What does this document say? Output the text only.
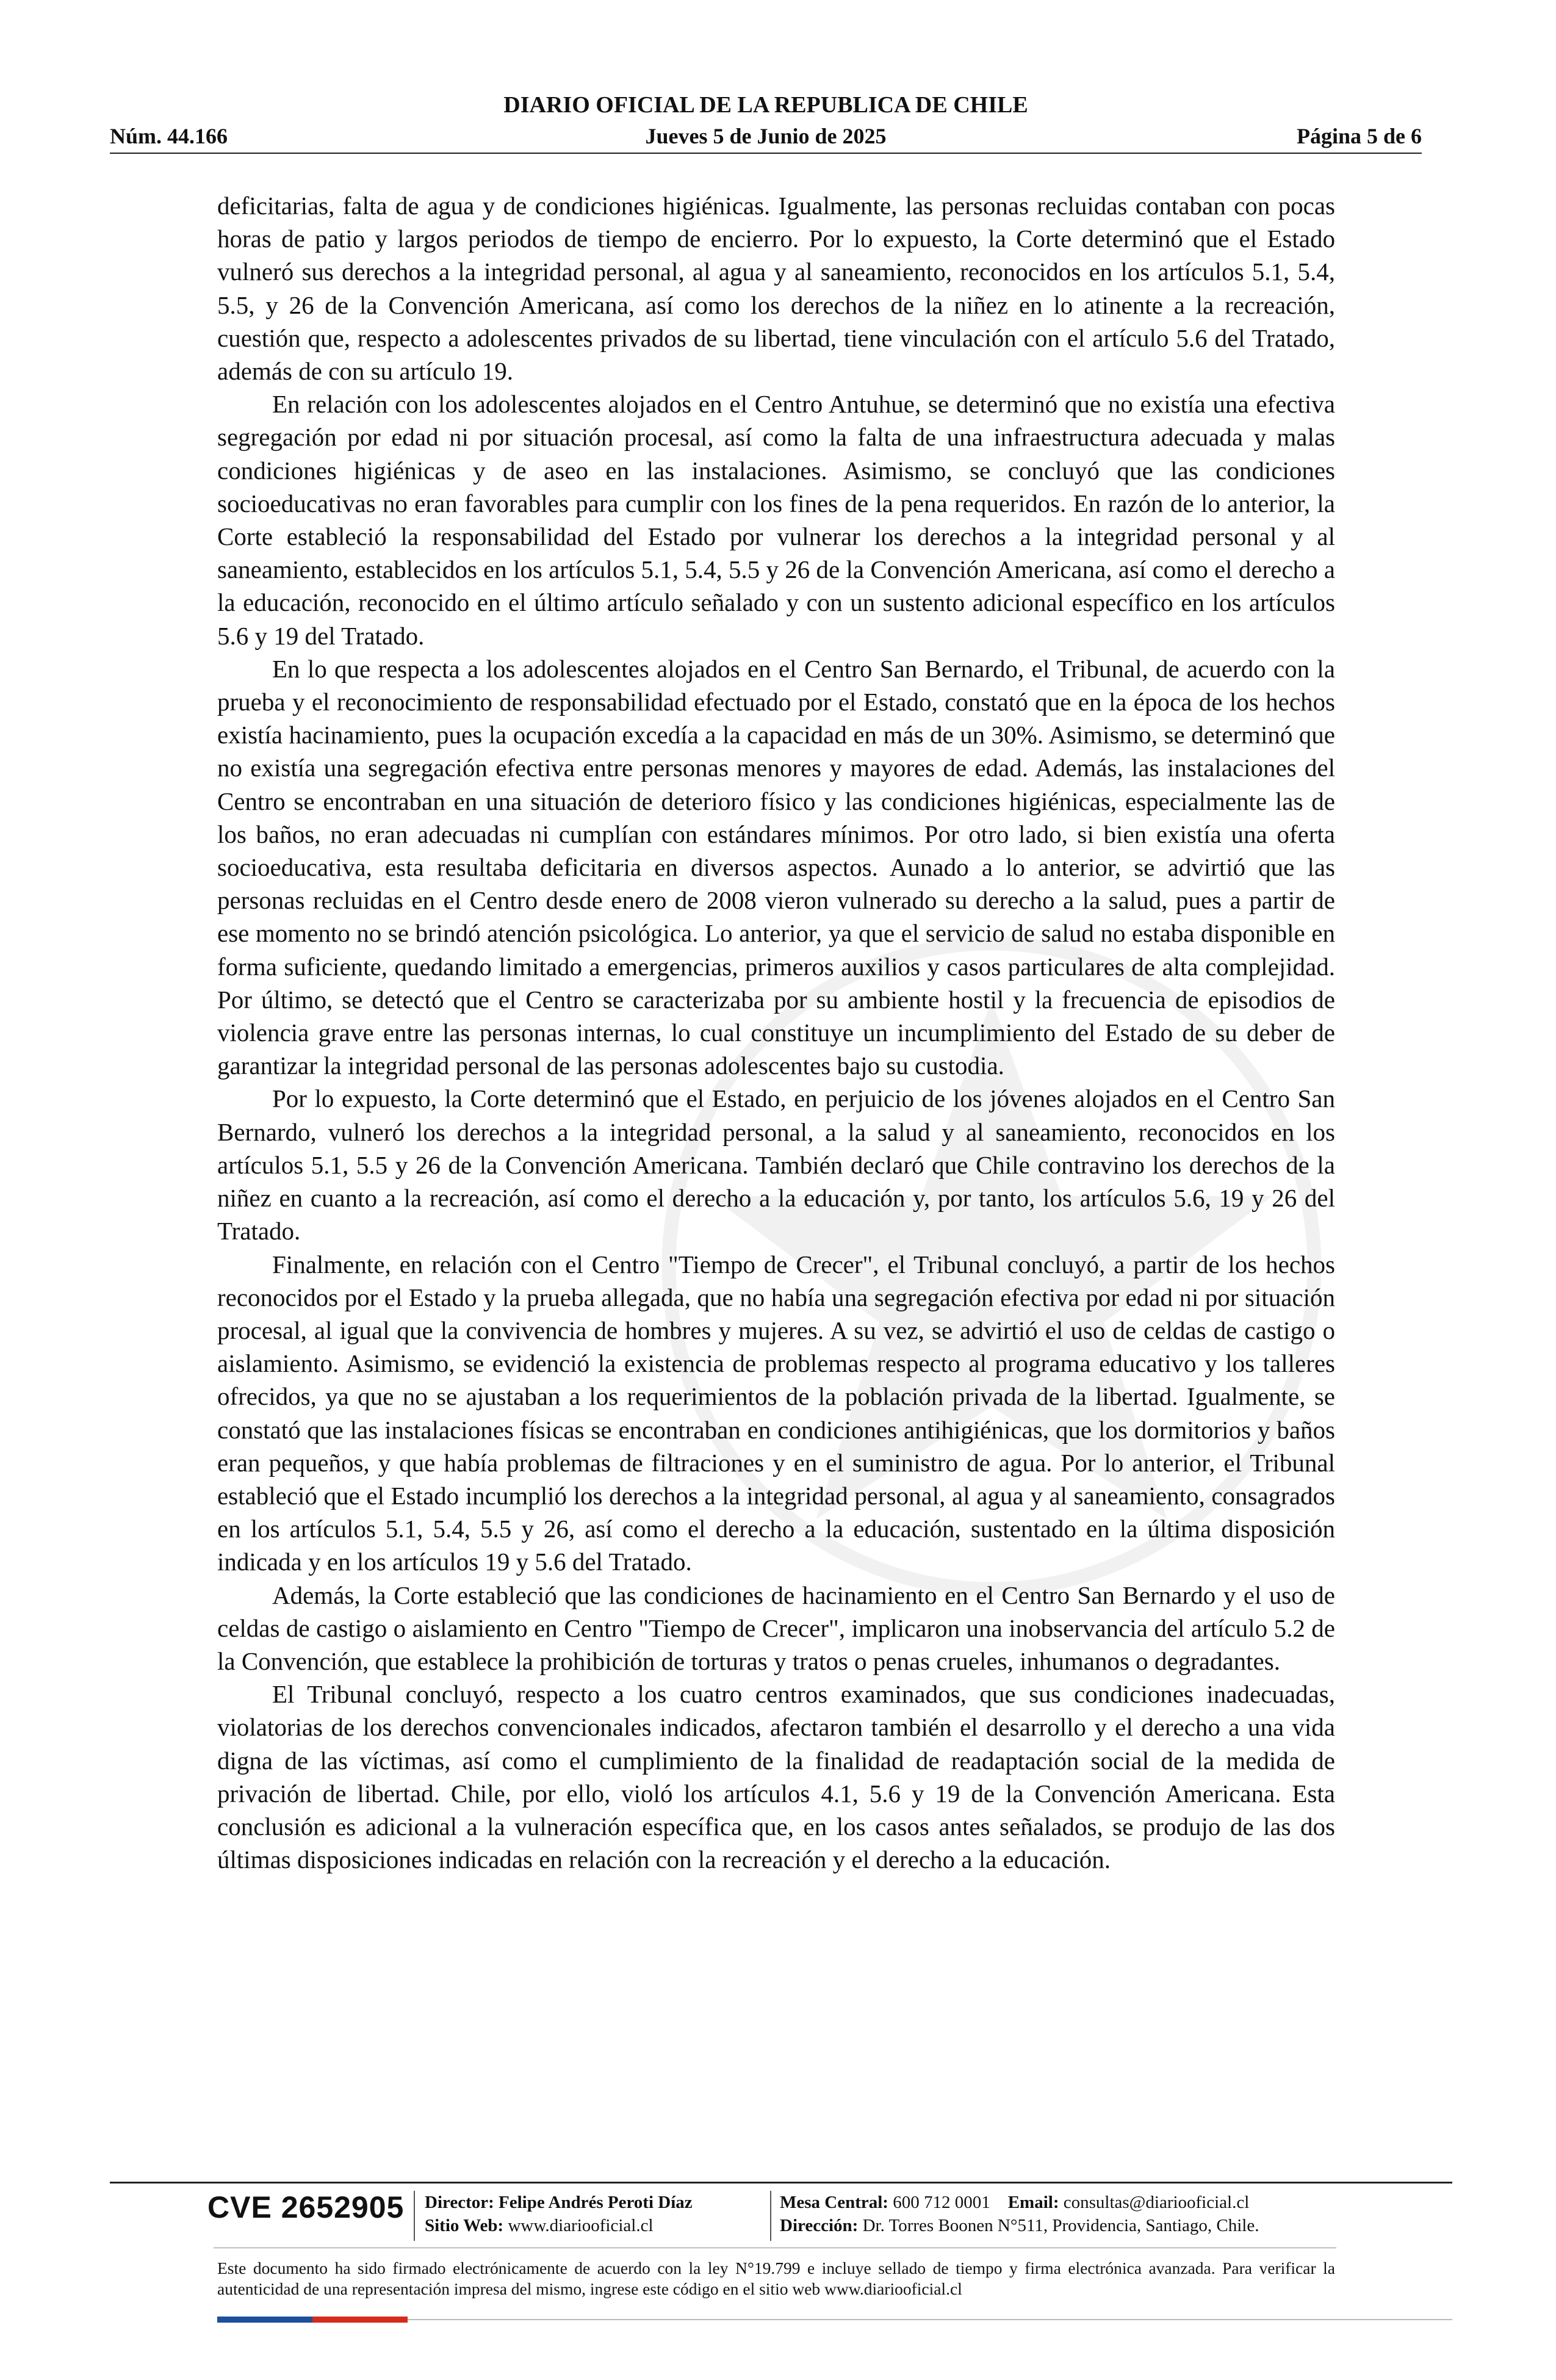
DIARIO OFICIAL DE LA REPUBLICA DE CHILE
Núm. 44.166	Jueves 5 de Junio de 2025	Página 5 de 6

deficitarias, falta de agua y de condiciones higiénicas. Igualmente, las personas recluidas contaban con pocas horas de patio y largos periodos de tiempo de encierro. Por lo expuesto, la Corte determinó que el Estado vulneró sus derechos a la integridad personal, al agua y al saneamiento, reconocidos en los artículos 5.1, 5.4, 5.5, y 26 de la Convención Americana, así como los derechos de la niñez en lo atinente a la recreación, cuestión que, respecto a adolescentes privados de su libertad, tiene vinculación con el artículo 5.6 del Tratado, además de con su artículo 19.

En relación con los adolescentes alojados en el Centro Antuhue, se determinó que no existía una efectiva segregación por edad ni por situación procesal, así como la falta de una infraestructura adecuada y malas condiciones higiénicas y de aseo en las instalaciones. Asimismo, se concluyó que las condiciones socioeducativas no eran favorables para cumplir con los fines de la pena requeridos. En razón de lo anterior, la Corte estableció la responsabilidad del Estado por vulnerar los derechos a la integridad personal y al saneamiento, establecidos en los artículos 5.1, 5.4, 5.5 y 26 de la Convención Americana, así como el derecho a la educación, reconocido en el último artículo señalado y con un sustento adicional específico en los artículos 5.6 y 19 del Tratado.

En lo que respecta a los adolescentes alojados en el Centro San Bernardo, el Tribunal, de acuerdo con la prueba y el reconocimiento de responsabilidad efectuado por el Estado, constató que en la época de los hechos existía hacinamiento, pues la ocupación excedía a la capacidad en más de un 30%. Asimismo, se determinó que no existía una segregación efectiva entre personas menores y mayores de edad. Además, las instalaciones del Centro se encontraban en una situación de deterioro físico y las condiciones higiénicas, especialmente las de los baños, no eran adecuadas ni cumplían con estándares mínimos. Por otro lado, si bien existía una oferta socioeducativa, esta resultaba deficitaria en diversos aspectos. Aunado a lo anterior, se advirtió que las personas recluidas en el Centro desde enero de 2008 vieron vulnerado su derecho a la salud, pues a partir de ese momento no se brindó atención psicológica. Lo anterior, ya que el servicio de salud no estaba disponible en forma suficiente, quedando limitado a emergencias, primeros auxilios y casos particulares de alta complejidad. Por último, se detectó que el Centro se caracterizaba por su ambiente hostil y la frecuencia de episodios de violencia grave entre las personas internas, lo cual constituye un incumplimiento del Estado de su deber de garantizar la integridad personal de las personas adolescentes bajo su custodia.

Por lo expuesto, la Corte determinó que el Estado, en perjuicio de los jóvenes alojados en el Centro San Bernardo, vulneró los derechos a la integridad personal, a la salud y al saneamiento, reconocidos en los artículos 5.1, 5.5 y 26 de la Convención Americana. También declaró que Chile contravino los derechos de la niñez en cuanto a la recreación, así como el derecho a la educación y, por tanto, los artículos 5.6, 19 y 26 del Tratado.

Finalmente, en relación con el Centro "Tiempo de Crecer", el Tribunal concluyó, a partir de los hechos reconocidos por el Estado y la prueba allegada, que no había una segregación efectiva por edad ni por situación procesal, al igual que la convivencia de hombres y mujeres. A su vez, se advirtió el uso de celdas de castigo o aislamiento. Asimismo, se evidenció la existencia de problemas respecto al programa educativo y los talleres ofrecidos, ya que no se ajustaban a los requerimientos de la población privada de la libertad. Igualmente, se constató que las instalaciones físicas se encontraban en condiciones antihigiénicas, que los dormitorios y baños eran pequeños, y que había problemas de filtraciones y en el suministro de agua. Por lo anterior, el Tribunal estableció que el Estado incumplió los derechos a la integridad personal, al agua y al saneamiento, consagrados en los artículos 5.1, 5.4, 5.5 y 26, así como el derecho a la educación, sustentado en la última disposición indicada y en los artículos 19 y 5.6 del Tratado.

Además, la Corte estableció que las condiciones de hacinamiento en el Centro San Bernardo y el uso de celdas de castigo o aislamiento en Centro "Tiempo de Crecer", implicaron una inobservancia del artículo 5.2 de la Convención, que establece la prohibición de torturas y tratos o penas crueles, inhumanos o degradantes.

El Tribunal concluyó, respecto a los cuatro centros examinados, que sus condiciones inadecuadas, violatorias de los derechos convencionales indicados, afectaron también el desarrollo y el derecho a una vida digna de las víctimas, así como el cumplimiento de la finalidad de readaptación social de la medida de privación de libertad. Chile, por ello, violó los artículos 4.1, 5.6 y 19 de la Convención Americana. Esta conclusión es adicional a la vulneración específica que, en los casos antes señalados, se produjo de las dos últimas disposiciones indicadas en relación con la recreación y el derecho a la educación.

CVE 2652905 Director: Felipe Andrés Peroti Díaz
Sitio Web: www.diariooficial.cl
Mesa Central: 600 712 0001 Email: consultas@diariooficial.cl
Dirección: Dr. Torres Boonen N°511, Providencia, Santiago, Chile.
Este documento ha sido firmado electrónicamente de acuerdo con la ley N°19.799 e incluye sellado de tiempo y firma electrónica avanzada. Para verificar la autenticidad de una representación impresa del mismo, ingrese este código en el sitio web www.diariooficial.cl
